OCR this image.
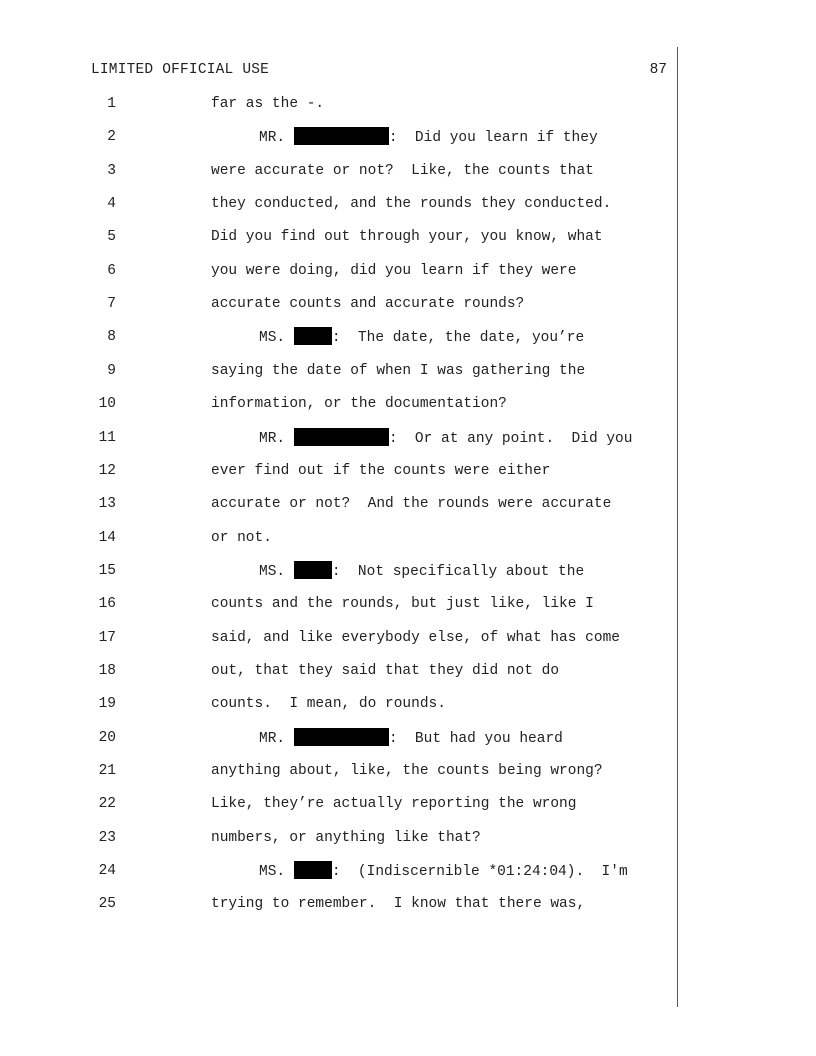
LIMITED OFFICIAL USE	87
1	far as the -.
2	MR.	:  Did you learn if they
3	were accurate or not?  Like, the counts that
4	they conducted, and the rounds they conducted.
5	Did you find out through your, you know, what
6	you were doing, did you learn if they were
7	accurate counts and accurate rounds?
8	MS.	:  The date, the date, you’re
9	saying the date of when I was gathering the
10	information, or the documentation?
11	MR.	:  Or at any point.  Did you
12	ever find out if the counts were either
13	accurate or not?  And the rounds were accurate
14	or not.
15	MS.	:  Not specifically about the
16	counts and the rounds, but just like, like I
17	said, and like everybody else, of what has come
18	out, that they said that they did not do
19	counts.  I mean, do rounds.
20	MR.	:  But had you heard
21	anything about, like, the counts being wrong?
22	Like, they’re actually reporting the wrong
23	numbers, or anything like that?
24	MS.	:  (Indiscernible *01:24:04).  I'm
25	trying to remember.  I know that there was,
